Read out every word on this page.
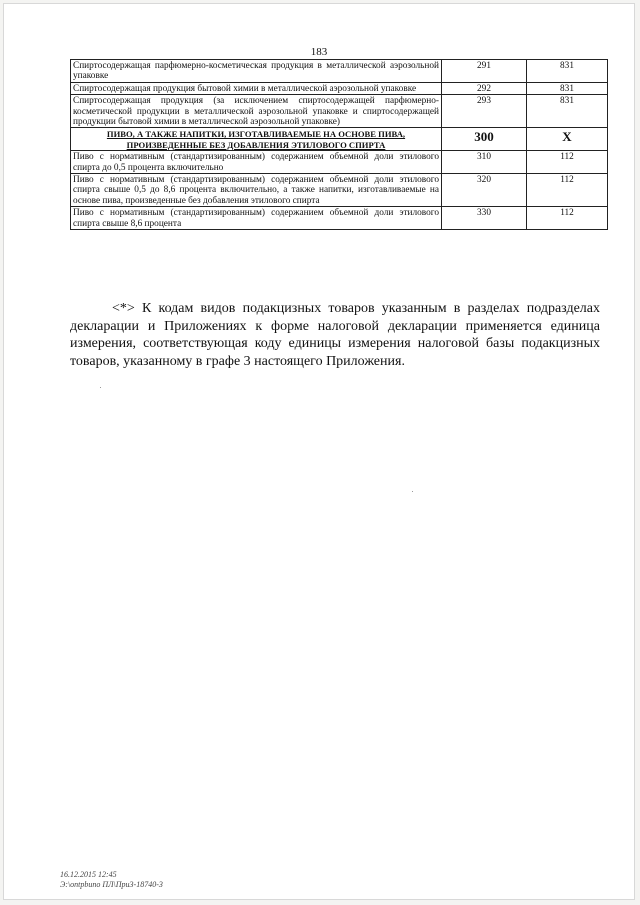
183
Спиртосодержащая парфюмерно-косметическая продукция в металлической аэрозольной упаковке	291	831
Спиртосодержащая продукция бытовой химии в металлической аэрозольной упаковке	292	831
Спиртосодержащая продукция (за исключением спиртосодержащей парфюмерно-косметической продукции в металлической аэрозольной упаковке и спиртосодержащей продукции бытовой химии в металлической аэрозольной упаковке)	293	831
ПИВО, А ТАКЖЕ НАПИТКИ, ИЗГОТАВЛИВАЕМЫЕ НА ОСНОВЕ ПИВА, ПРОИЗВЕДЕННЫЕ БЕЗ ДОБАВЛЕНИЯ ЭТИЛОВОГО СПИРТА	300	X
Пиво с нормативным (стандартизированным) содержанием объемной доли этилового спирта до 0,5 процента включительно	310	112
Пиво с нормативным (стандартизированным) содержанием объемной доли этилового спирта свыше 0,5 до 8,6 процента включительно, а также напитки, изготавливаемые на основе пива, произведенные без добавления этилового спирта	320	112
Пиво с нормативным (стандартизированным) содержанием объемной доли этилового спирта свыше 8,6 процента	330	112

<*> К кодам видов подакцизных товаров указанным в разделах подразделах декларации и Приложениях к форме налоговой декларации применяется единица измерения, соответствующая коду единицы измерения налоговой базы подакцизных товаров, указанному в графе 3 настоящего Приложения.

16.12.2015 12:45
Э:\ontpbuno ПЛ\Пpu3-18740-3
